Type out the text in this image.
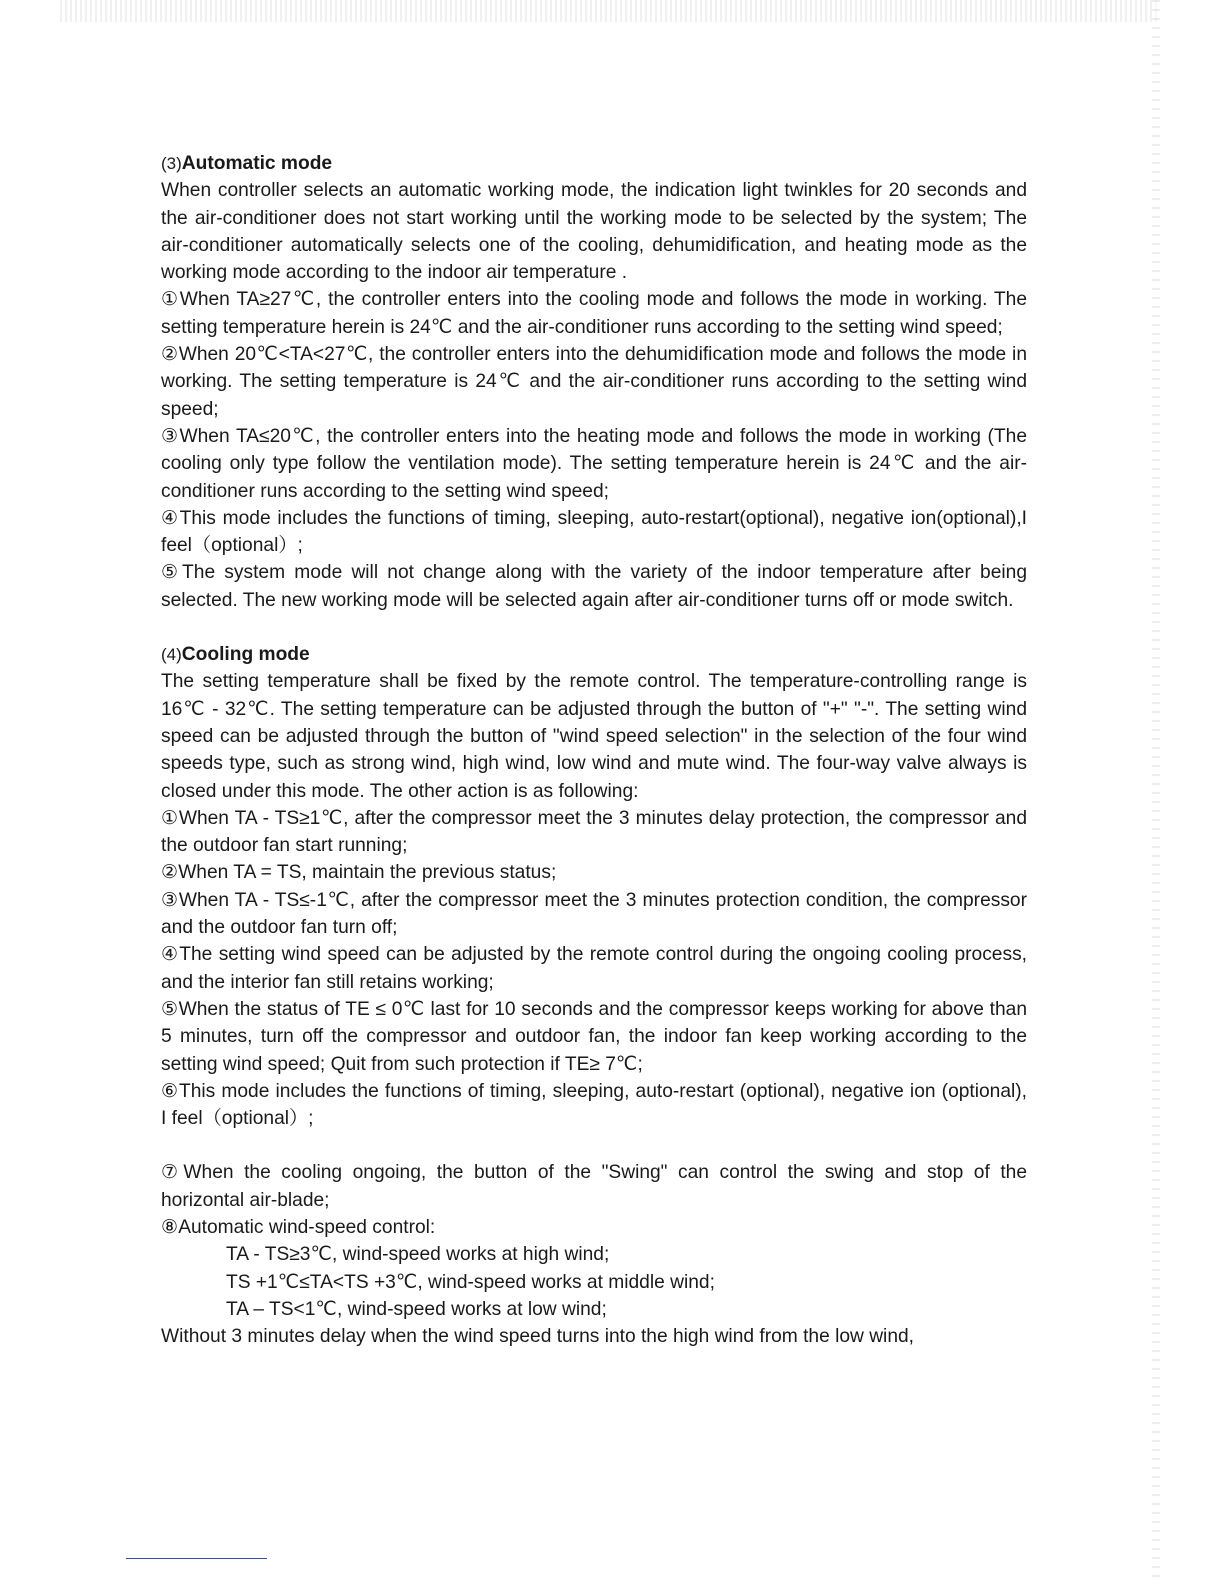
(3)Automatic mode

When controller selects an automatic working mode, the indication light twinkles for 20 seconds and the air-conditioner does not start working until the working mode to be selected by the system; The air-conditioner automatically selects one of the cooling, dehumidification, and heating mode as the working mode according to the indoor air temperature .

①When TA≥27℃, the controller enters into the cooling mode and follows the mode in working. The setting temperature herein is 24℃ and the air-conditioner runs according to the setting wind speed;

②When 20℃<TA<27℃, the controller enters into the dehumidification mode and follows the mode in working. The setting temperature is 24℃ and the air-conditioner runs according to the setting wind speed;

③When TA≤20℃, the controller enters into the heating mode and follows the mode in working (The cooling only type follow the ventilation mode). The setting temperature herein is 24℃ and the air-conditioner runs according to the setting wind speed;

④This mode includes the functions of timing, sleeping, auto-restart(optional), negative ion(optional),I feel（optional）;

⑤The system mode will not change along with the variety of the indoor temperature after being selected. The new working mode will be selected again after air-conditioner turns off or mode switch.

(4)Cooling mode

The setting temperature shall be fixed by the remote control. The temperature-controlling range is 16℃ - 32℃. The setting temperature can be adjusted through the button of "+" "-". The setting wind speed can be adjusted through the button of "wind speed selection" in the selection of the four wind speeds type, such as strong wind, high wind, low wind and mute wind. The four-way valve always is closed under this mode. The other action is as following:

①When TA - TS≥1℃, after the compressor meet the 3 minutes delay protection, the compressor and the outdoor fan start running;

②When TA = TS, maintain the previous status;

③When TA - TS≤-1℃, after the compressor meet the 3 minutes protection condition, the compressor and the outdoor fan turn off;

④The setting wind speed can be adjusted by the remote control during the ongoing cooling process, and the interior fan still retains working;

⑤When the status of TE ≤ 0℃ last for 10 seconds and the compressor keeps working for above than 5 minutes, turn off the compressor and outdoor fan, the indoor fan keep working according to the setting wind speed; Quit from such protection if TE≥ 7℃;

⑥This mode includes the functions of timing, sleeping, auto-restart (optional), negative ion (optional), I feel（optional）;

⑦When the cooling ongoing, the button of the "Swing" can control the swing and stop of the horizontal air-blade;

⑧Automatic wind-speed control:

TA - TS≥3℃, wind-speed works at high wind;

TS +1℃≤TA<TS +3℃, wind-speed works at middle wind;

TA – TS<1℃, wind-speed works at low wind;

Without 3 minutes delay when the wind speed turns into the high wind from the low wind,
